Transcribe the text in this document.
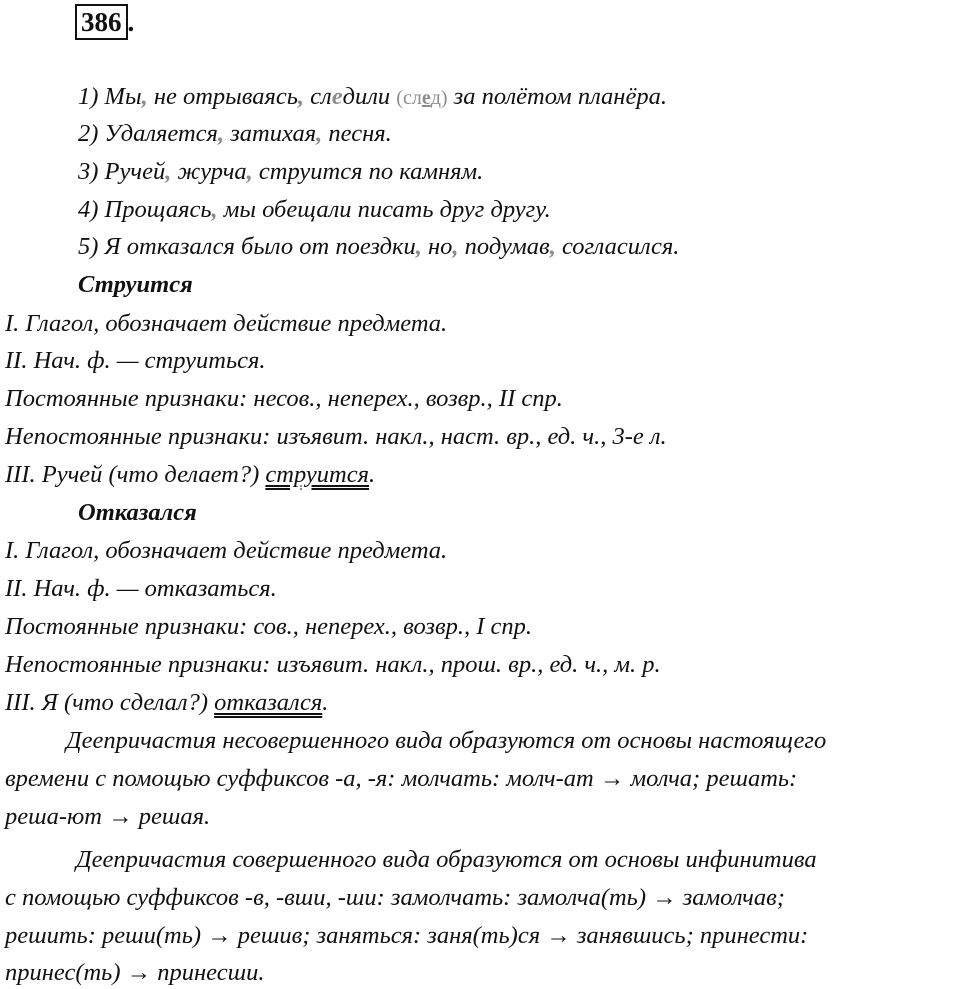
386 .
1) Мы, не отрываясь, следили (след) за полётом планёра.
2) Удаляется, затихая, песня.
3) Ручей, журча, струится по камням.
4) Прощаясь, мы обещали писать друг другу.
5) Я отказался было от поездки, но, подумав, согласился.
Струится
I. Глагол, обозначает действие предмета.
II. Нач. ф. — струиться.
Постоянные признаки: несов., неперех., возвр., II спр.
Непостоянные признаки: изъявит. накл., наст. вр., ед. ч., 3-е л.
III. Ручей (что делает?) струится.
Отказался
I. Глагол, обозначает действие предмета.
II. Нач. ф. — отказаться.
Постоянные признаки: сов., неперех., возвр., I спр.
Непостоянные признаки: изъявит. накл., прош. вр., ед. ч., м. р.
III. Я (что сделал?) отказался.
Деепричастия несовершенного вида образуются от основы настоящего
времени с помощью суффиксов -а, -я: молчать: молч-ат → молча; решать:
реша-ют → решая.
Деепричастия совершенного вида образуются от основы инфинитива
с помощью суффиксов -в, -вши, -ши: замолчать: замолча(ть) → замолчав;
решить: реши(ть) → решив; заняться: заня(ть)ся → занявшись; принести:
принес(ть) → принесши.
